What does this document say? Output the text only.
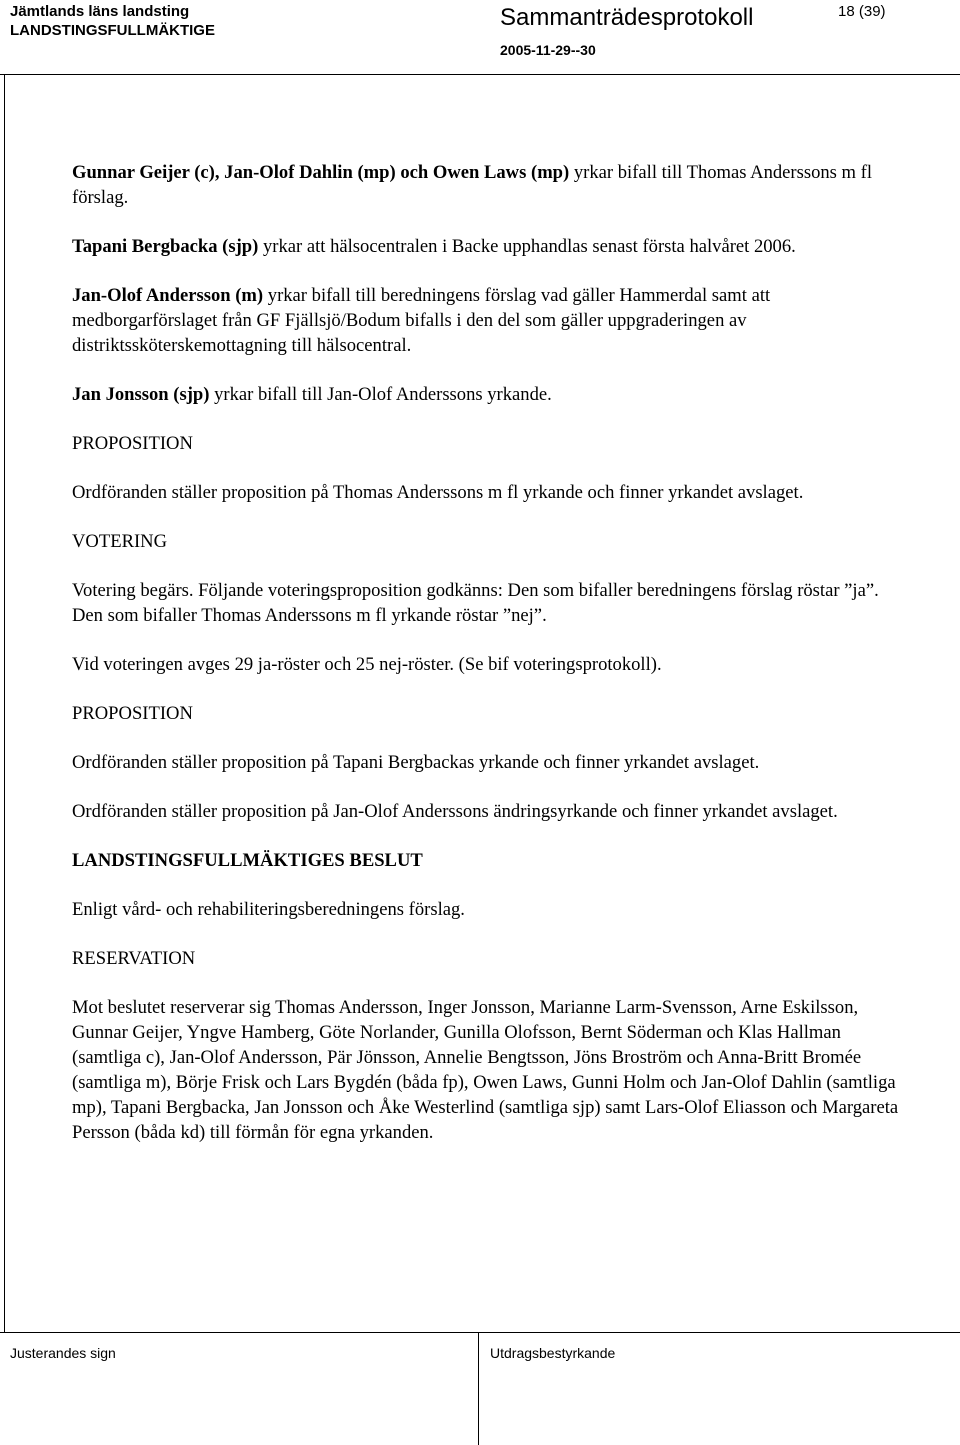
Jämtlands läns landsting
LANDSTINGSFULLMÄKTIGE	Sammanträdesprotokoll	18 (39)
2005-11-29--30

Gunnar Geijer (c), Jan-Olof Dahlin (mp) och Owen Laws (mp) yrkar bifall till Thomas Anderssons m fl förslag.

Tapani Bergbacka (sjp) yrkar att hälsocentralen i Backe upphandlas senast första halvåret 2006.

Jan-Olof Andersson (m) yrkar bifall till beredningens förslag vad gäller Hammerdal samt att medborgarförslaget från GF Fjällsjö/Bodum bifalls i den del som gäller uppgraderingen av distriktssköterskemottagning till hälsocentral.

Jan Jonsson (sjp) yrkar bifall till Jan-Olof Anderssons yrkande.

PROPOSITION

Ordföranden ställer proposition på Thomas Anderssons m fl yrkande och finner yrkandet avslaget.

VOTERING

Votering begärs. Följande voteringsproposition godkänns: Den som bifaller beredningens förslag röstar ”ja”. Den som bifaller Thomas Anderssons m fl yrkande röstar ”nej”.

Vid voteringen avges 29 ja-röster och 25 nej-röster. (Se bif voteringsprotokoll).

PROPOSITION

Ordföranden ställer proposition på Tapani Bergbackas yrkande och finner yrkandet avslaget.

Ordföranden ställer proposition på Jan-Olof Anderssons ändringsyrkande och finner yrkandet avslaget.

LANDSTINGSFULLMÄKTIGES BESLUT

Enligt vård- och rehabiliteringsberedningens förslag.

RESERVATION

Mot beslutet reserverar sig Thomas Andersson, Inger Jonsson, Marianne Larm-Svensson, Arne Eskilsson, Gunnar Geijer, Yngve Hamberg, Göte Norlander, Gunilla Olofsson, Bernt Söderman och Klas Hallman (samtliga c), Jan-Olof Andersson, Pär Jönsson, Annelie Bengtsson, Jöns Broström och Anna-Britt Bromée (samtliga m), Börje Frisk och Lars Bygdén (båda fp), Owen Laws, Gunni Holm och Jan-Olof Dahlin (samtliga mp), Tapani Bergbacka, Jan Jonsson och Åke Westerlind (samtliga sjp) samt Lars-Olof Eliasson och Margareta Persson (båda kd) till förmån för egna yrkanden.

Justerandes sign	Utdragsbestyrkande
